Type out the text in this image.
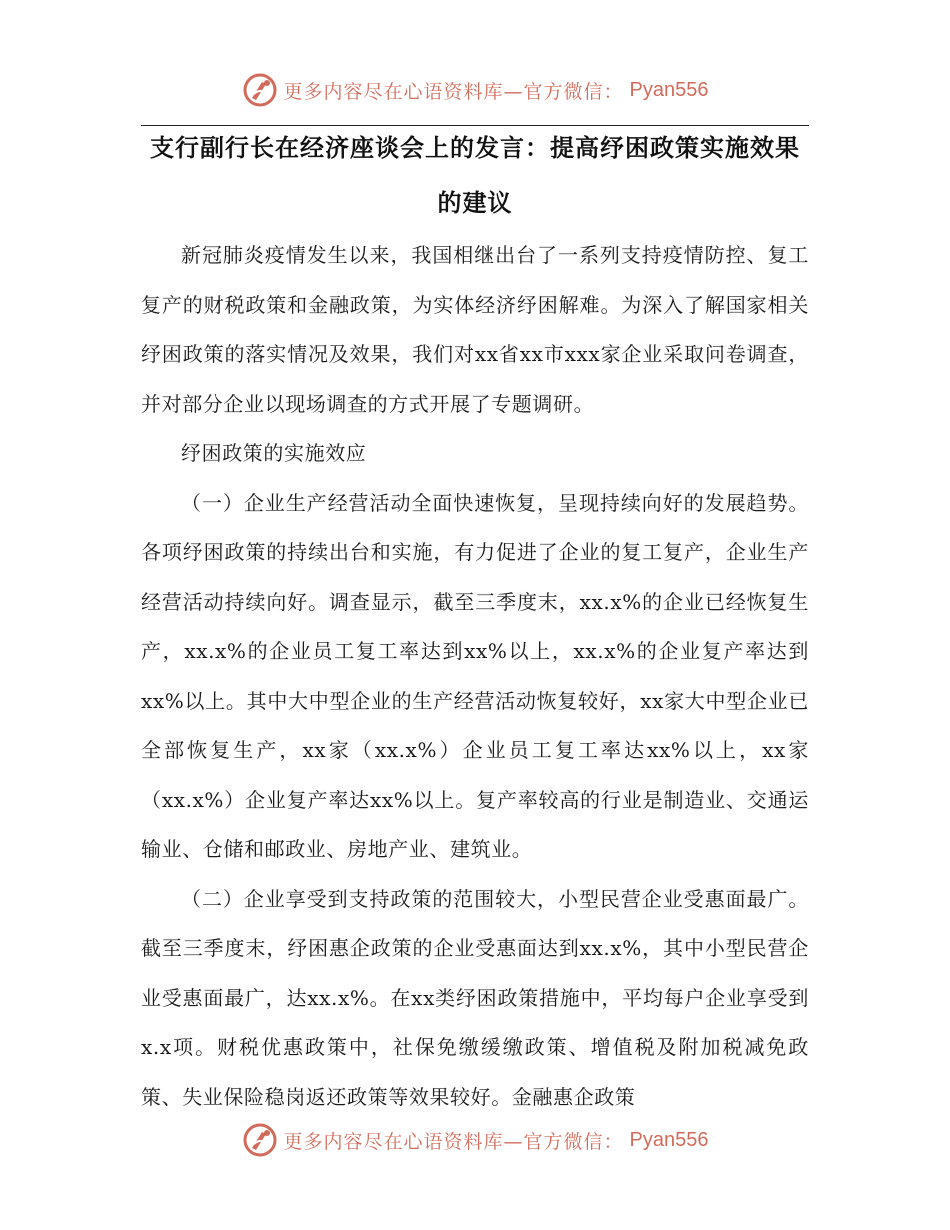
更多内容尽在心语资料库—官方微信： Pyan556
支行副行长在经济座谈会上的发言：提高纾困政策实施效果
的建议

新冠肺炎疫情发生以来，我国相继出台了一系列支持疫情防控、复工复产的财税政策和金融政策，为实体经济纾困解难。为深入了解国家相关纾困政策的落实情况及效果，我们对xx省xx市xxx家企业采取问卷调查，并对部分企业以现场调查的方式开展了专题调研。

纾困政策的实施效应

（一）企业生产经营活动全面快速恢复，呈现持续向好的发展趋势。各项纾困政策的持续出台和实施，有力促进了企业的复工复产，企业生产经营活动持续向好。调查显示，截至三季度末，xx.x%的企业已经恢复生产，xx.x%的企业员工复工率达到xx%以上，xx.x%的企业复产率达到xx%以上。其中大中型企业的生产经营活动恢复较好，xx家大中型企业已全部恢复生产，xx家（xx.x%）企业员工复工率达xx%以上，xx家（xx.x%）企业复产率达xx%以上。复产率较高的行业是制造业、交通运输业、仓储和邮政业、房地产业、建筑业。

（二）企业享受到支持政策的范围较大，小型民营企业受惠面最广。截至三季度末，纾困惠企政策的企业受惠面达到xx.x%，其中小型民营企业受惠面最广，达xx.x%。在xx类纾困政策措施中，平均每户企业享受到x.x项。财税优惠政策中，社保免缴缓缴政策、增值税及附加税减免政策、失业保险稳岗返还政策等效果较好。金融惠企政策

更多内容尽在心语资料库—官方微信： Pyan556
